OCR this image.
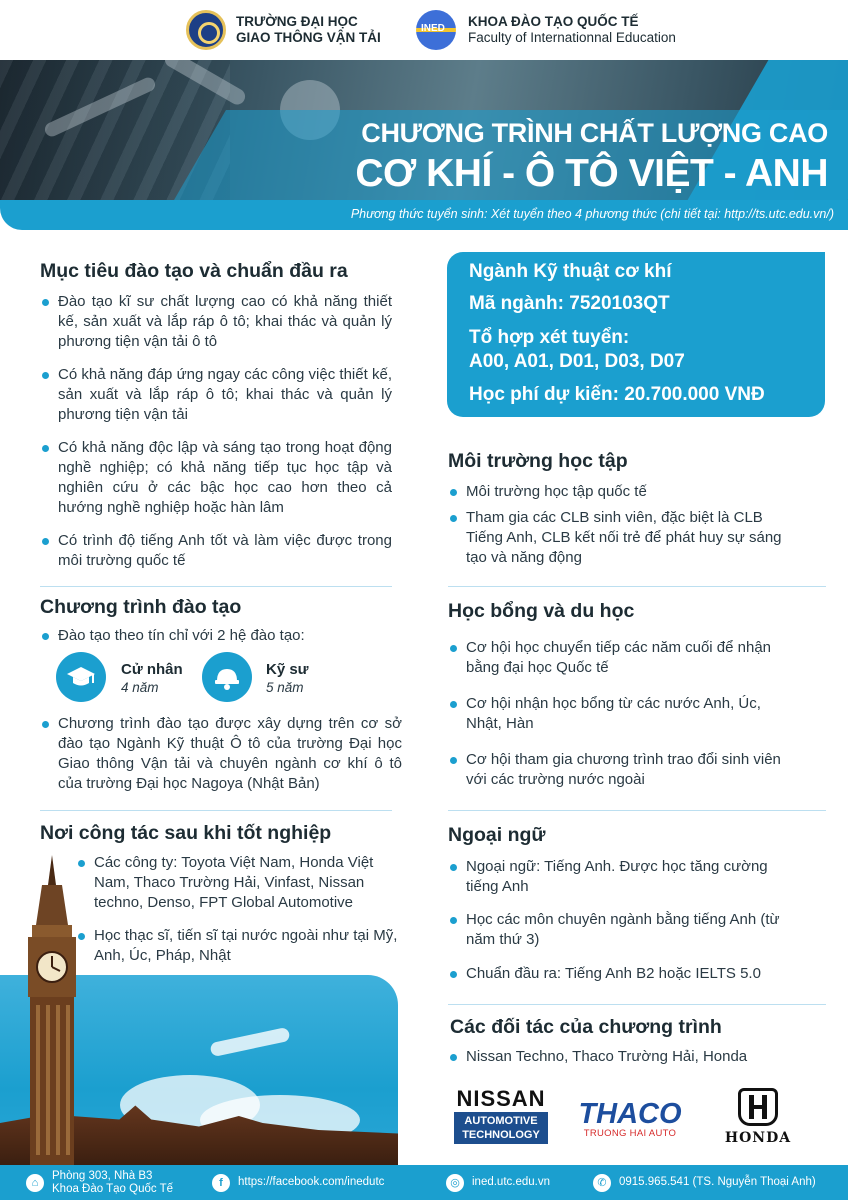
TRƯỜNG ĐẠI HỌC
GIAO THÔNG VẬN TẢI
INED KHOA ĐÀO TẠO QUỐC TẾ
Faculty of Internationnal Education
CHƯƠNG TRÌNH CHẤT LƯỢNG CAO
CƠ KHÍ - Ô TÔ VIỆT - ANH
Phương thức tuyển sinh: Xét tuyển theo 4 phương thức (chi tiết tại: http://ts.utc.edu.vn/)
Mục tiêu đào tạo và chuẩn đầu ra
Đào tạo kĩ sư chất lượng cao có khả năng thiết kế, sản xuất và lắp ráp ô tô; khai thác và quản lý phương tiện vận tải ô tô
Có khả năng đáp ứng ngay các công việc thiết kế, sản xuất và lắp ráp ô tô; khai thác và quản lý phương tiện vận tải
Có khả năng độc lập và sáng tạo trong hoạt động nghề nghiệp; có khả năng tiếp tục học tập và nghiên cứu ở các bậc học cao hơn theo cả hướng nghề nghiệp hoặc hàn lâm
Có trình độ tiếng Anh tốt và làm việc được trong môi trường quốc tế
Chương trình đào tạo
Đào tạo theo tín chỉ với 2 hệ đào tạo:
Cử nhân
4 năm
Kỹ sư
5 năm
Chương trình đào tạo được xây dựng trên cơ sở đào tạo Ngành Kỹ thuật Ô tô của trường Đại học Giao thông Vận tải và chuyên ngành cơ khí ô tô của trường Đại học Nagoya (Nhật Bản)
Nơi công tác sau khi tốt nghiệp
Các công ty: Toyota Việt Nam, Honda Việt Nam, Thaco Trường Hải, Vinfast, Nissan techno, Denso, FPT Global Automotive
Học thạc sĩ, tiến sĩ tại nước ngoài như tại Mỹ, Anh, Úc, Pháp, Nhật
Ngành Kỹ thuật cơ khí
Mã ngành: 7520103QT
Tổ hợp xét tuyển:
A00, A01, D01, D03, D07
Học phí dự kiến: 20.700.000 VNĐ
Môi trường học tập
Môi trường học tập quốc tế
Tham gia các CLB sinh viên, đặc biệt là CLB Tiếng Anh, CLB kết nối trẻ để phát huy sự sáng tạo và năng động
Học bổng và du học
Cơ hội học chuyển tiếp các năm cuối để nhận bằng đại học Quốc tế
Cơ hội nhận học bổng từ các nước Anh, Úc, Nhật, Hàn
Cơ hội tham gia chương trình trao đổi sinh viên với các trường nước ngoài
Ngoại ngữ
Ngoại ngữ: Tiếng Anh. Được học tăng cường tiếng Anh
Học các môn chuyên ngành bằng tiếng Anh (từ năm thứ 3)
Chuẩn đầu ra: Tiếng Anh B2 hoặc IELTS 5.0
Các đối tác của chương trình
Nissan Techno, Thaco Trường Hải, Honda
NISSAN
AUTOMOTIVE
TECHNOLOGY
THACO
TRUONG HAI AUTO	HONDA
⌂
Phòng 303, Nhà B3
Khoa Đào Tạo Quốc Tế	f	https://facebook.com/inedutc	◎	ined.utc.edu.vn	✆	0915.965.541 (TS. Nguyễn Thoại Anh)
